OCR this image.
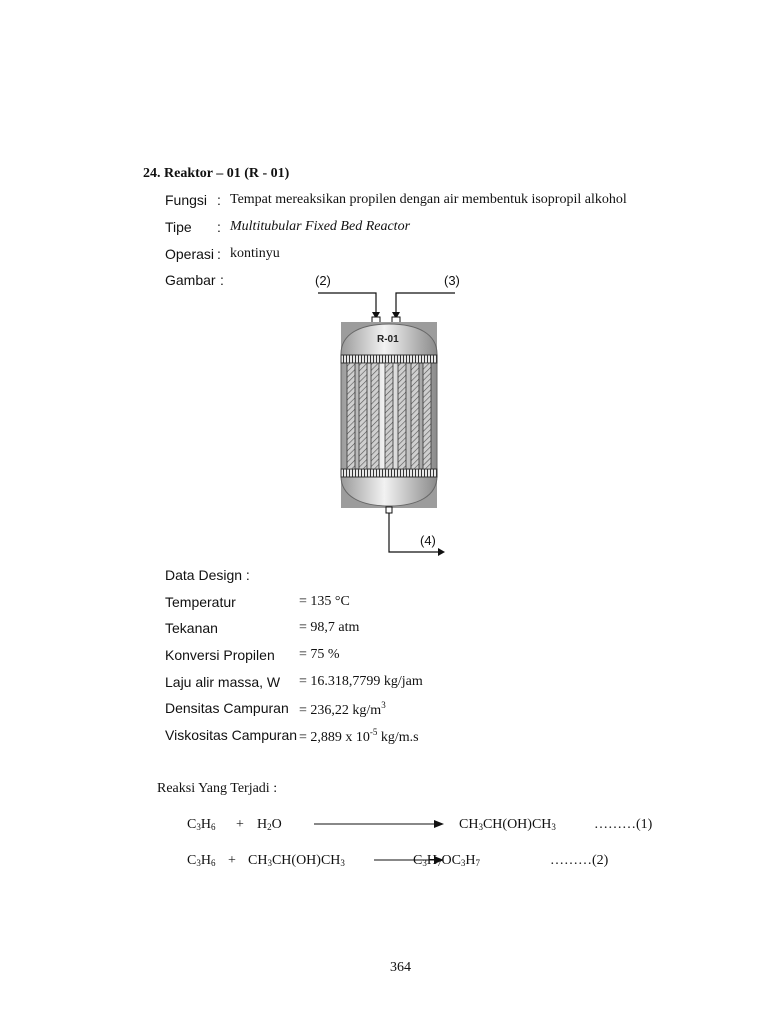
24. Reaktor – 01 (R - 01)
Fungsi : Tempat mereaksikan propilen dengan air membentuk isopropil alkohol
Tipe : Multitubular Fixed Bed Reactor
Operasi : kontinyu
Gambar :	(2)	(3)
(4)
R-01
Data Design :
Temperatur	= 135 °C
Tekanan	= 98,7 atm
Konversi Propilen = 75 %
Laju alir massa, W = 16.318,7799 kg/jam
Densitas Campuran = 236,22 $kg/m^3$
Viskositas Campuran = 2,889 x $10^{-5}$ kg/m.s
Reaksi Yang Terjadi :
$C_3H_6 + H_2O$	$CH_3CH(OH)CH_3$	………(1)
$C_3H_6 + CH_3CH(OH)CH_3$	$C_3H_7OC_3H_7$	………(2)
364
